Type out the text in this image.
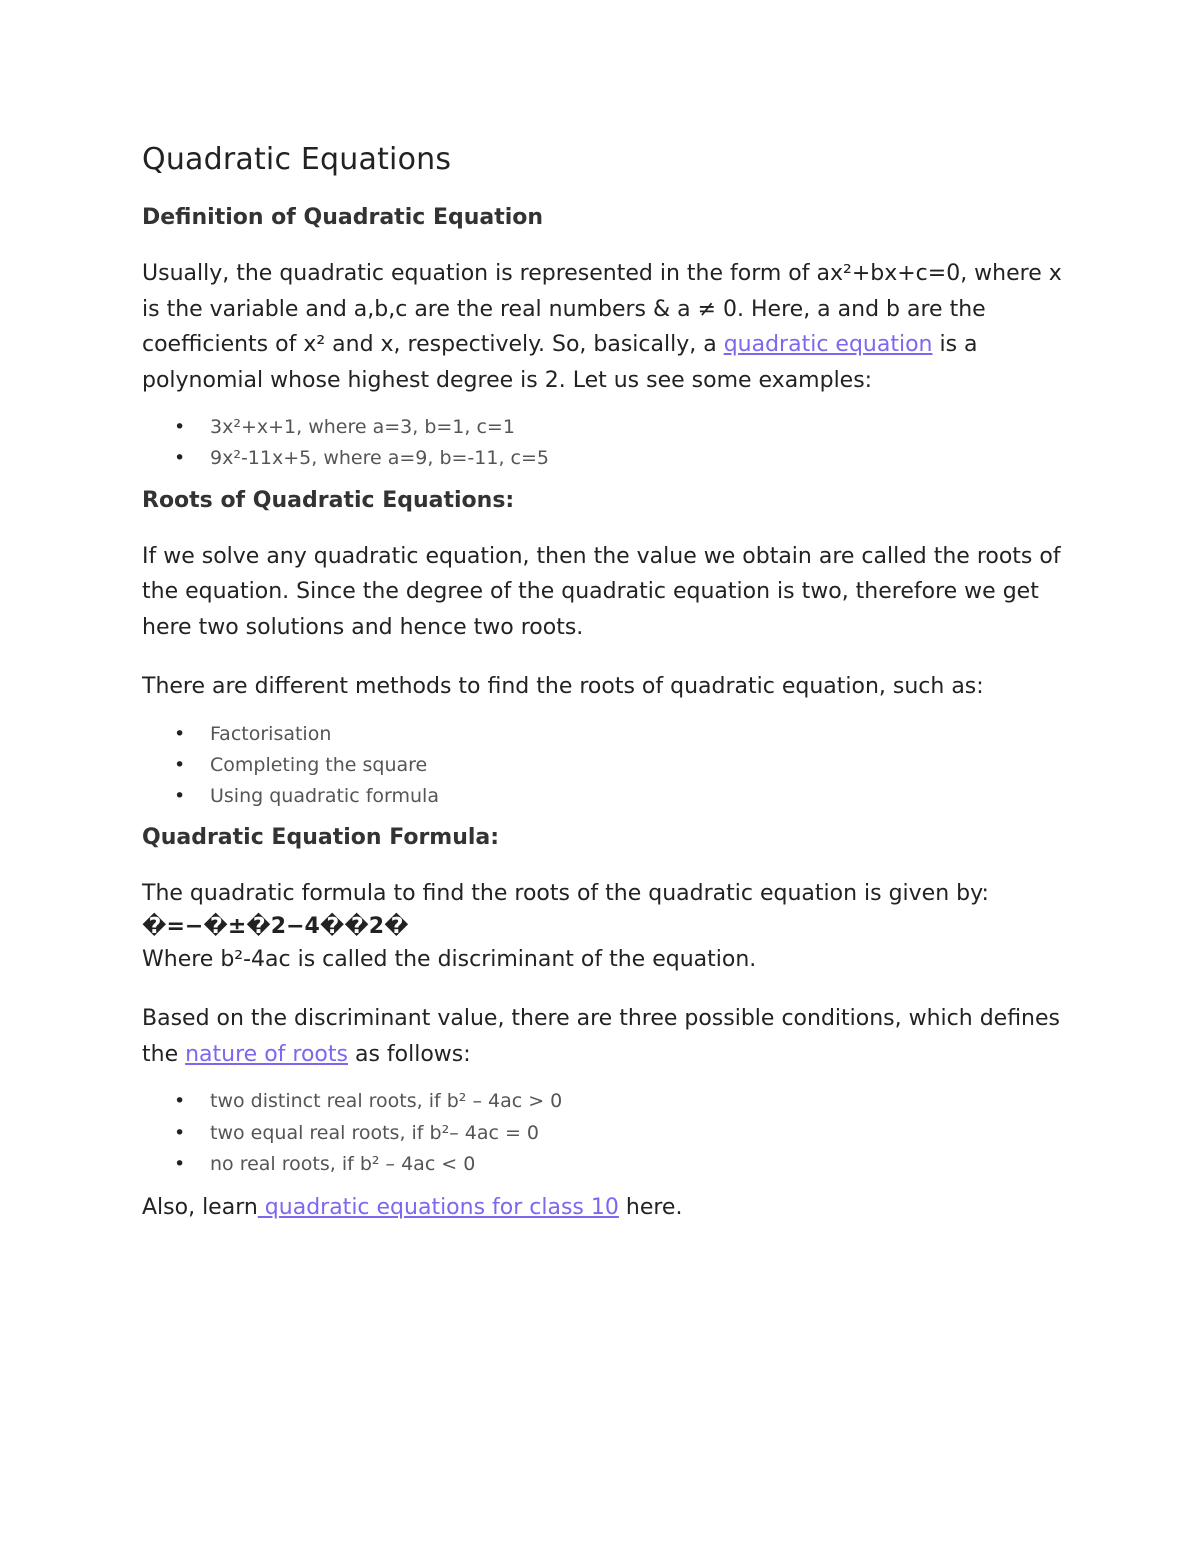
Quadratic Equations
Definition of Quadratic Equation

Usually, the quadratic equation is represented in the form of ax²+bx+c=0, where x is the variable and a,b,c are the real numbers & a ≠ 0. Here, a and b are the coefficients of x² and x, respectively. So, basically, a quadratic equation is a polynomial whose highest degree is 2. Let us see some examples:

• 3x²+x+1, where a=3, b=1, c=1
• 9x²-11x+5, where a=9, b=-11, c=5
Roots of Quadratic Equations:

If we solve any quadratic equation, then the value we obtain are called the roots of the equation. Since the degree of the quadratic equation is two, therefore we get here two solutions and hence two roots.

There are different methods to find the roots of quadratic equation, such as:

• Factorisation
• Completing the square
• Using quadratic formula
Quadratic Equation Formula:

The quadratic formula to find the roots of the quadratic equation is given by:

�=−�±�2−4��2�

Where b²-4ac is called the discriminant of the equation.

Based on the discriminant value, there are three possible conditions, which defines the nature of roots as follows:

• two distinct real roots, if b² – 4ac > 0
• two equal real roots, if b²– 4ac = 0
• no real roots, if b² – 4ac < 0

Also, learn quadratic equations for class 10 here.
